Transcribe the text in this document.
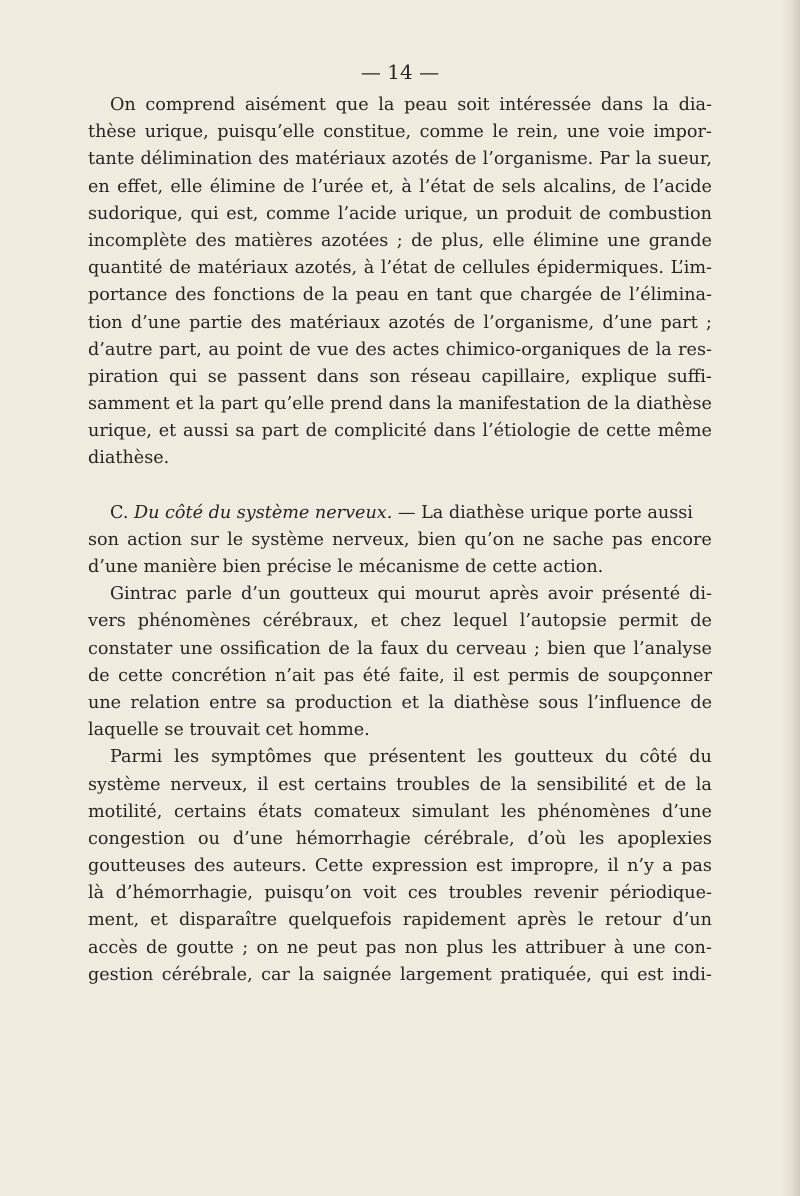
— 14 —
On comprend aisément que la peau soit intéressée dans la dia-
thèse urique, puisqu’elle constitue, comme le rein, une voie impor-
tante délimination des matériaux azotés de l’organisme. Par la sueur,
en effet, elle élimine de l’urée et, à l’état de sels alcalins, de l’acide
sudorique, qui est, comme l’acide urique, un produit de combustion
incomplète des matières azotées ; de plus, elle élimine une grande
quantité de matériaux azotés, à l’état de cellules épidermiques. L’im-
portance des fonctions de la peau en tant que chargée de l’élimina-
tion d’une partie des matériaux azotés de l’organisme, d’une part ;
d’autre part, au point de vue des actes chimico-organiques de la res-
piration qui se passent dans son réseau capillaire, explique suffi-
samment et la part qu’elle prend dans la manifestation de la diathèse
urique, et aussi sa part de complicité dans l’étiologie de cette même
diathèse.
C. Du côté du système nerveux. — La diathèse urique porte aussi
son action sur le système nerveux, bien qu’on ne sache pas encore
d’une manière bien précise le mécanisme de cette action.
Gintrac parle d’un goutteux qui mourut après avoir présenté di-
vers phénomènes cérébraux, et chez lequel l’autopsie permit de
constater une ossification de la faux du cerveau ; bien que l’analyse
de cette concrétion n’ait pas été faite, il est permis de soupçonner
une relation entre sa production et la diathèse sous l’influence de
laquelle se trouvait cet homme.
Parmi les symptômes que présentent les goutteux du côté du
système nerveux, il est certains troubles de la sensibilité et de la
motilité, certains états comateux simulant les phénomènes d’une
congestion ou d’une hémorrhagie cérébrale, d’où les apoplexies
goutteuses des auteurs. Cette expression est impropre, il n’y a pas
là d’hémorrhagie, puisqu’on voit ces troubles revenir périodique-
ment, et disparaître quelquefois rapidement après le retour d’un
accès de goutte ; on ne peut pas non plus les attribuer à une con-
gestion cérébrale, car la saignée largement pratiquée, qui est indi-
